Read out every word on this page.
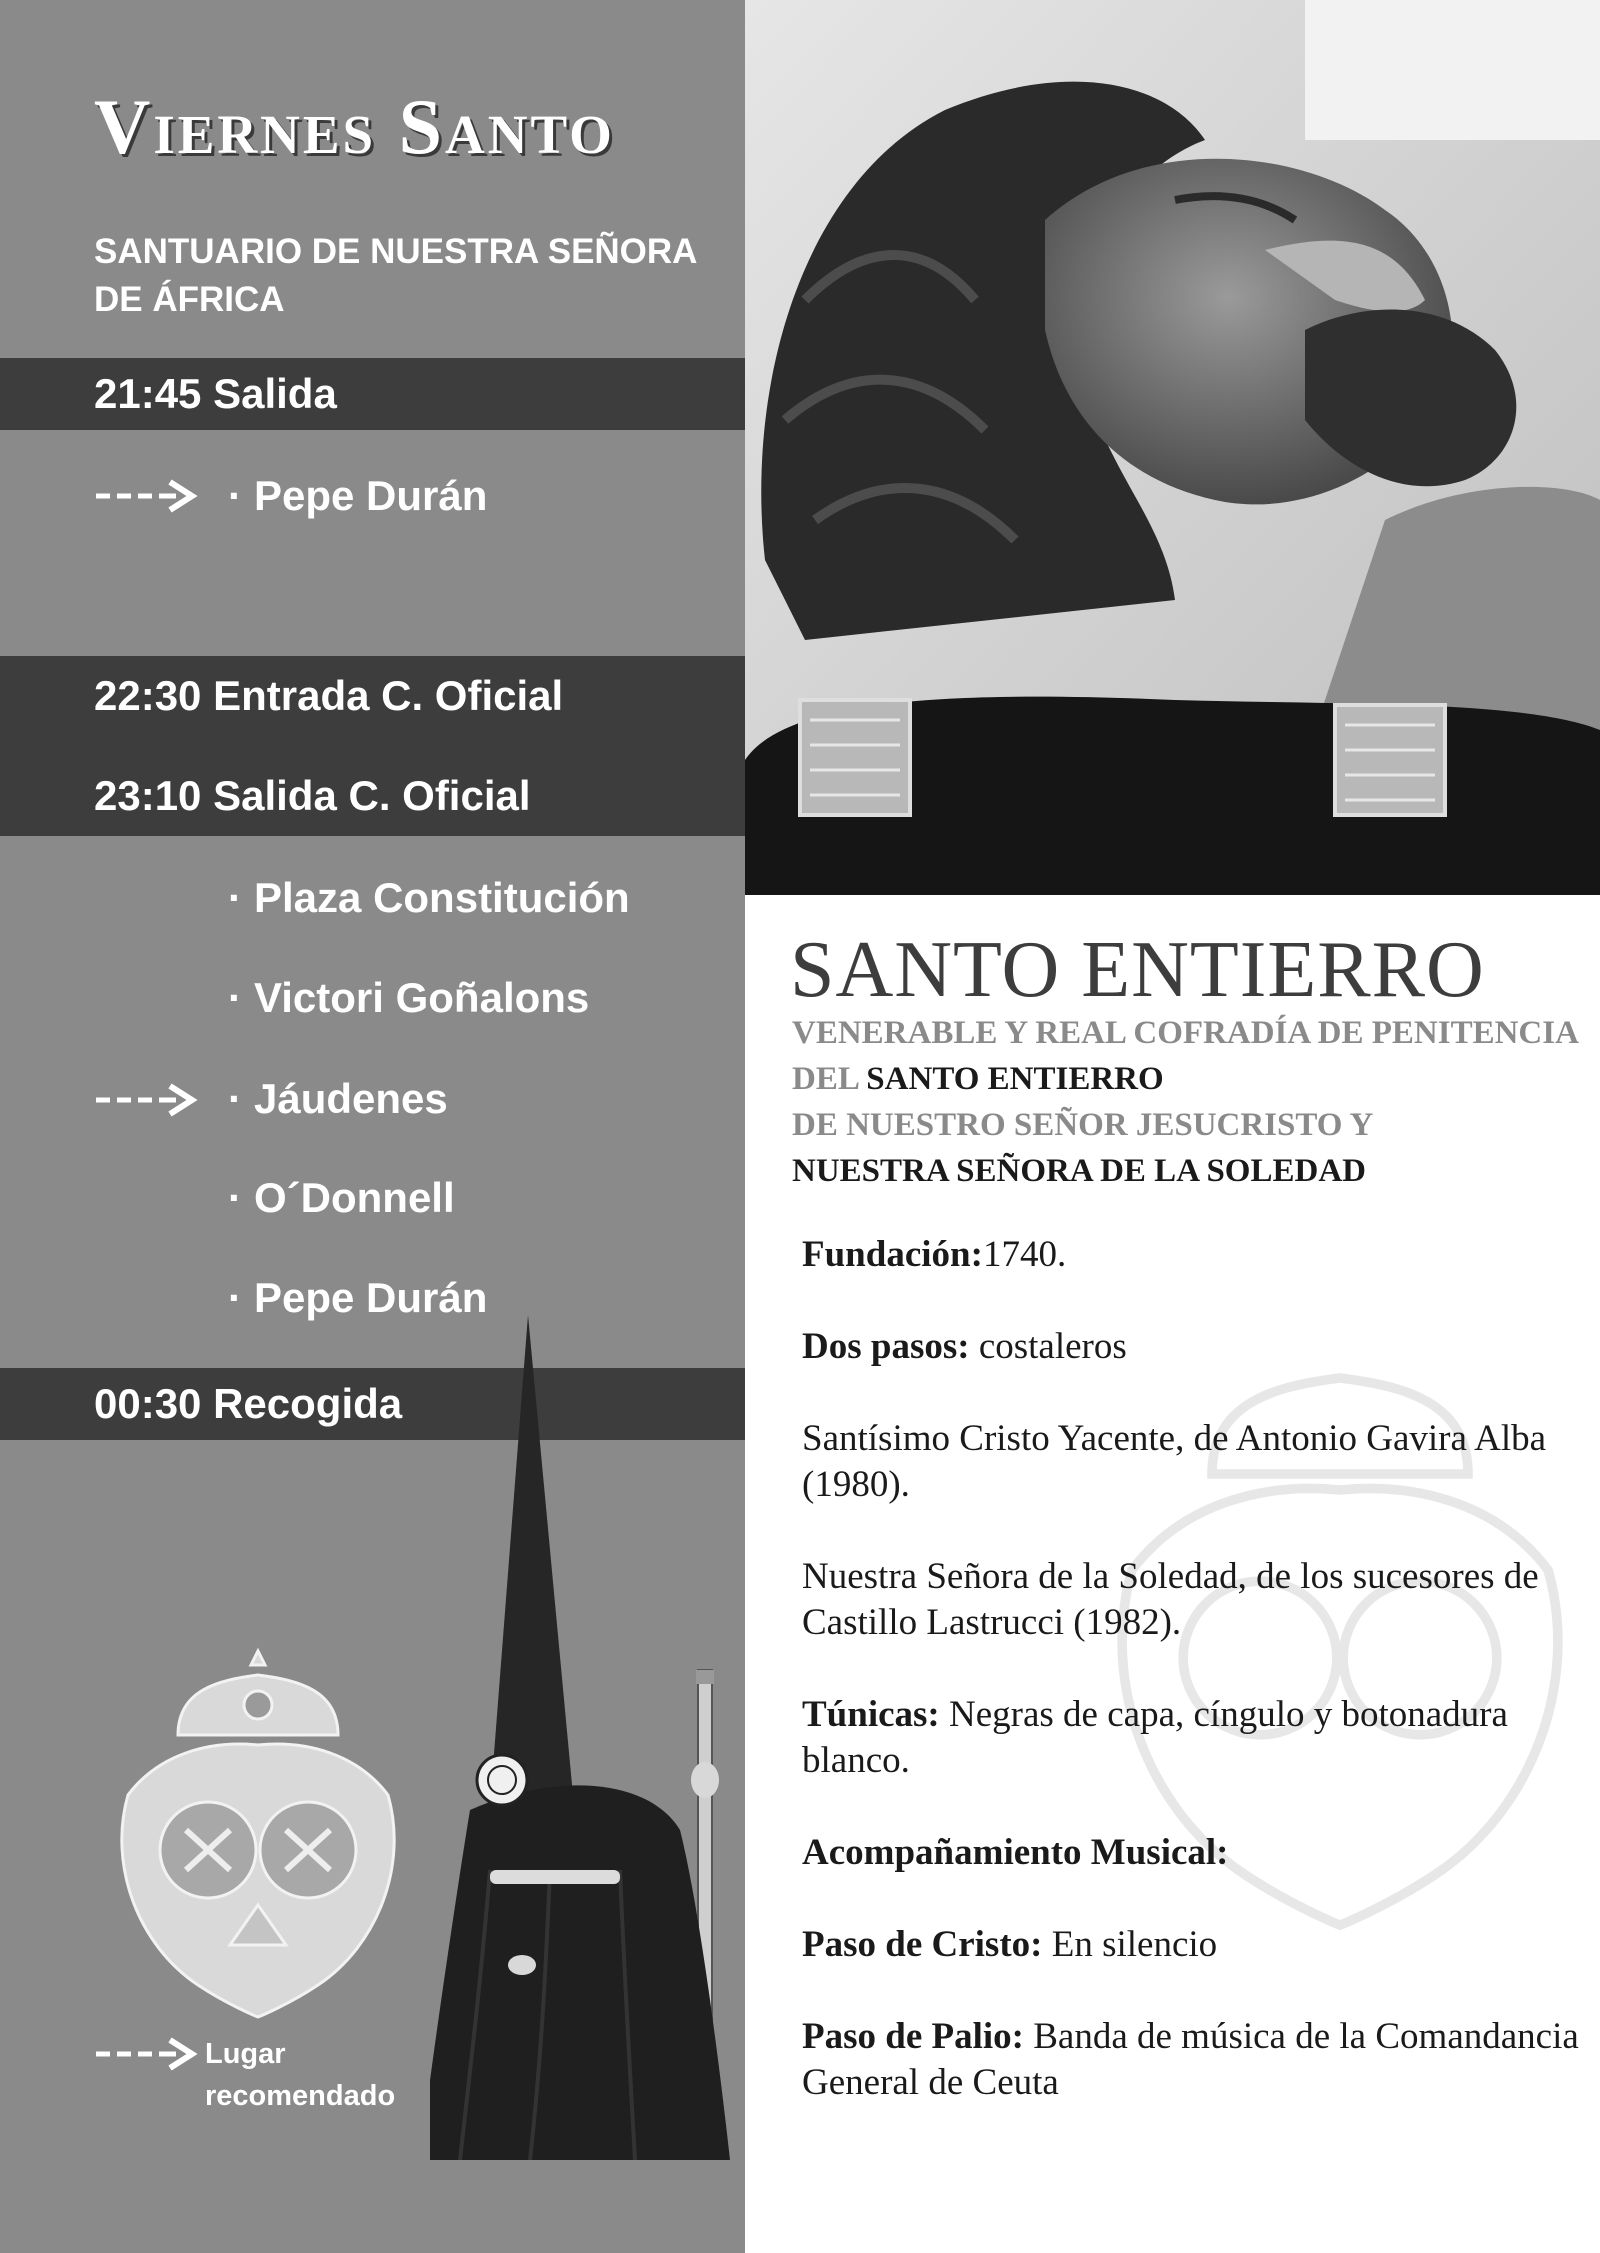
Viernes Santo
SANTUARIO DE NUESTRA SEÑORA DE ÁFRICA
21:45 Salida
· Pepe Durán
22:30 Entrada C. Oficial
23:10 Salida C. Oficial
· Plaza Constitución
· Victori Goñalons
· Jáudenes
· O´Donnell
· Pepe Durán
00:30 Recogida
Lugar
recomendado
SANTO ENTIERRO
VENERABLE Y REAL COFRADÍA DE PENITENCIA DEL SANTO ENTIERRO
DE NUESTRO SEÑOR JESUCRISTO Y
NUESTRA SEÑORA DE LA SOLEDAD

Fundación:1740.

Dos pasos: costaleros

Santísimo Cristo Yacente, de Antonio Gavira Alba (1980).

Nuestra Señora de la Soledad, de los sucesores de Castillo Lastrucci (1982).

Túnicas: Negras de capa, cíngulo y botonadura blanco.

Acompañamiento Musical:

Paso de Cristo: En silencio

Paso de Palio: Banda de música de la Comandancia General de Ceuta
